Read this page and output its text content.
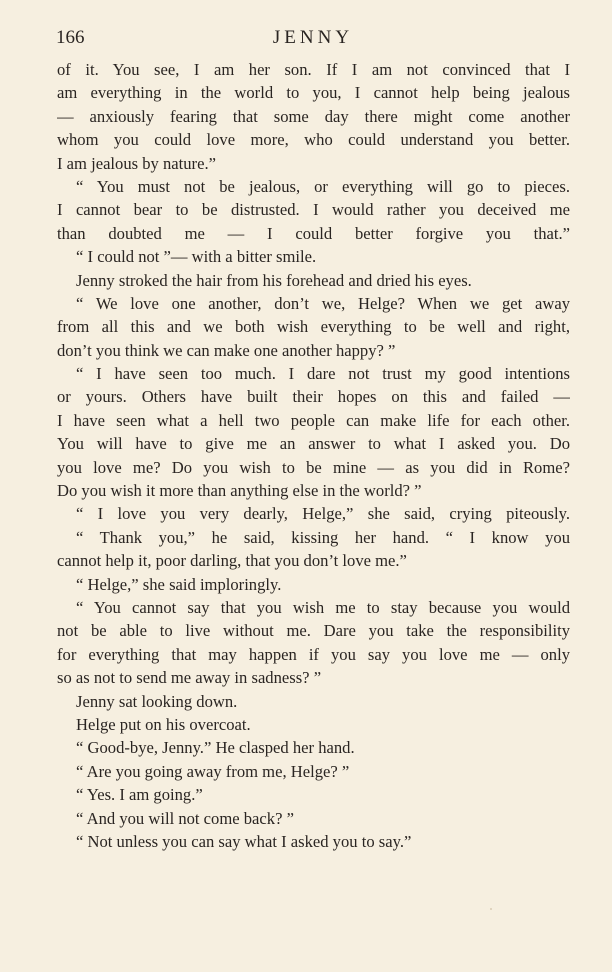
166	JENNY
of it. You see, I am her son. If I am not convinced that I
am everything in the world to you, I cannot help being jealous
— anxiously fearing that some day there might come another
whom you could love more, who could understand you better.
I am jealous by nature.”
“ You must not be jealous, or everything will go to pieces.
I cannot bear to be distrusted. I would rather you deceived me
than doubted me — I could better forgive you that.”
“ I could not ”— with a bitter smile.
Jenny stroked the hair from his forehead and dried his eyes.
“ We love one another, don’t we, Helge? When we get away
from all this and we both wish everything to be well and right,
don’t you think we can make one another happy? ”
“ I have seen too much. I dare not trust my good intentions
or yours. Others have built their hopes on this and failed —
I have seen what a hell two people can make life for each other.
You will have to give me an answer to what I asked you. Do
you love me? Do you wish to be mine — as you did in Rome?
Do you wish it more than anything else in the world? ”
“ I love you very dearly, Helge,” she said, crying piteously.
“ Thank you,” he said, kissing her hand. “ I know you
cannot help it, poor darling, that you don’t love me.”
“ Helge,” she said imploringly.
“ You cannot say that you wish me to stay because you would
not be able to live without me. Dare you take the responsibility
for everything that may happen if you say you love me — only
so as not to send me away in sadness? ”
Jenny sat looking down.
Helge put on his overcoat.
“ Good-bye, Jenny.” He clasped her hand.
“ Are you going away from me, Helge? ”
“ Yes. I am going.”
“ And you will not come back? ”
“ Not unless you can say what I asked you to say.”
